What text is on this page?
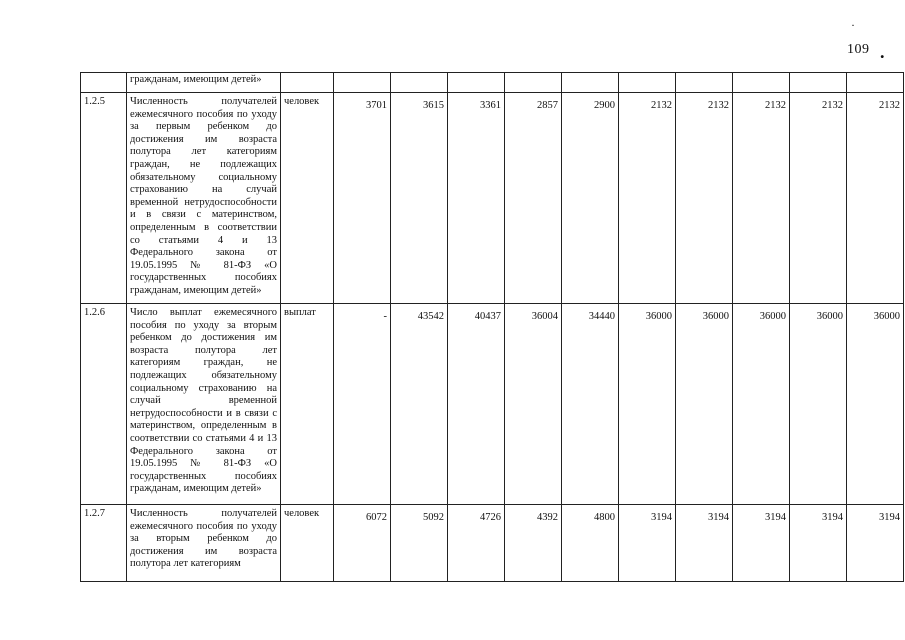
·
109 .
	гражданам, имеющим детей»											
1.2.5	Численность получателей ежемесячного пособия по уходу за первым ребенком до достижения им возраста полутора лет категориям граждан, не подлежащих обязательному социальному страхованию на случай временной нетрудоспособности и в связи с материнством, определенным в соответствии со статьями 4 и 13 Федерального закона от 19.05.1995 № 81-ФЗ «О государственных пособиях гражданам, имеющим детей»	человек	3701	3615	3361	2857	2900	2132	2132	2132	2132	2132
1.2.6	Число выплат ежемесячного пособия по уходу за вторым ребенком до достижения им возраста полутора лет категориям граждан, не подлежащих обязательному социальному страхованию на случай временной нетрудоспособности и в связи с материнством, определенным в соответствии со статьями 4 и 13 Федерального закона от 19.05.1995 № 81-ФЗ «О государственных пособиях гражданам, имеющим детей»	выплат	-	43542	40437	36004	34440	36000	36000	36000	36000	36000
1.2.7	Численность получателей ежемесячного пособия по уходу за вторым ребенком до достижения им возраста полутора лет категориям	человек	6072	5092	4726	4392	4800	3194	3194	3194	3194	3194
